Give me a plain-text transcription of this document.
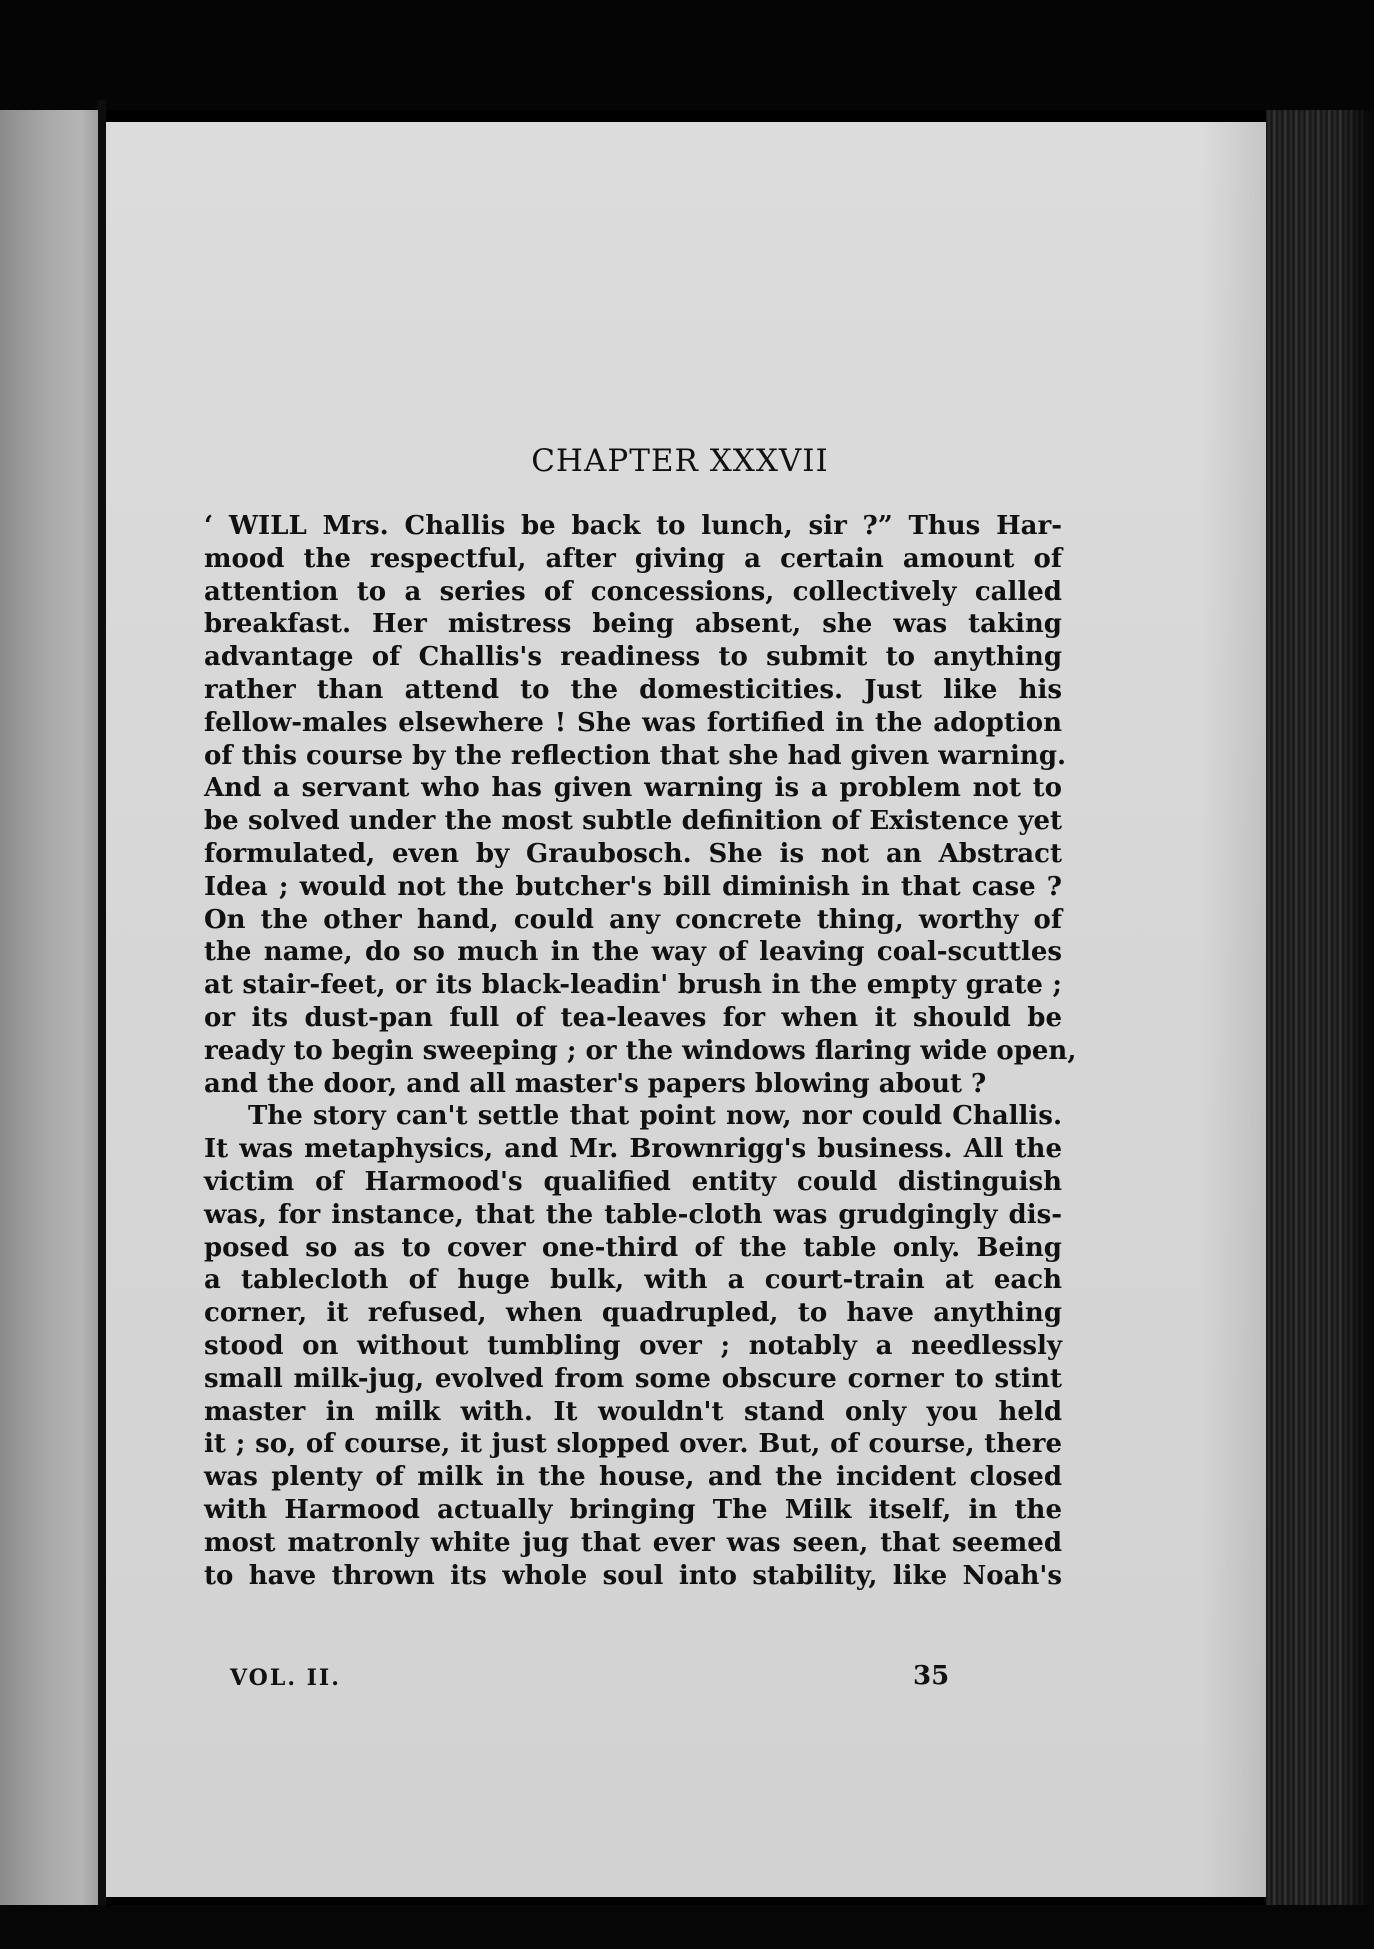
CHAPTER XXXVII
‘ WILL Mrs. Challis be back to lunch, sir ?” Thus Har-
mood the respectful, after giving a certain amount of
attention to a series of concessions, collectively called
breakfast. Her mistress being absent, she was taking
advantage of Challis's readiness to submit to anything
rather than attend to the domesticities. Just like his
fellow-males elsewhere ! She was fortified in the adoption
of this course by the reflection that she had given warning.
And a servant who has given warning is a problem not to
be solved under the most subtle definition of Existence yet
formulated, even by Graubosch. She is not an Abstract
Idea ; would not the butcher's bill diminish in that case ?
On the other hand, could any concrete thing, worthy of
the name, do so much in the way of leaving coal-scuttles
at stair-feet, or its black-leadin' brush in the empty grate ;
or its dust-pan full of tea-leaves for when it should be
ready to begin sweeping ; or the windows flaring wide open,
and the door, and all master's papers blowing about ?
The story can't settle that point now, nor could Challis.
It was metaphysics, and Mr. Brownrigg's business. All the
victim of Harmood's qualified entity could distinguish
was, for instance, that the table-cloth was grudgingly dis-
posed so as to cover one-third of the table only. Being
a tablecloth of huge bulk, with a court-train at each
corner, it refused, when quadrupled, to have anything
stood on without tumbling over ; notably a needlessly
small milk-jug, evolved from some obscure corner to stint
master in milk with. It wouldn't stand only you held
it ; so, of course, it just slopped over. But, of course, there
was plenty of milk in the house, and the incident closed
with Harmood actually bringing The Milk itself, in the
most matronly white jug that ever was seen, that seemed
to have thrown its whole soul into stability, like Noah's
VOL. II.	35
